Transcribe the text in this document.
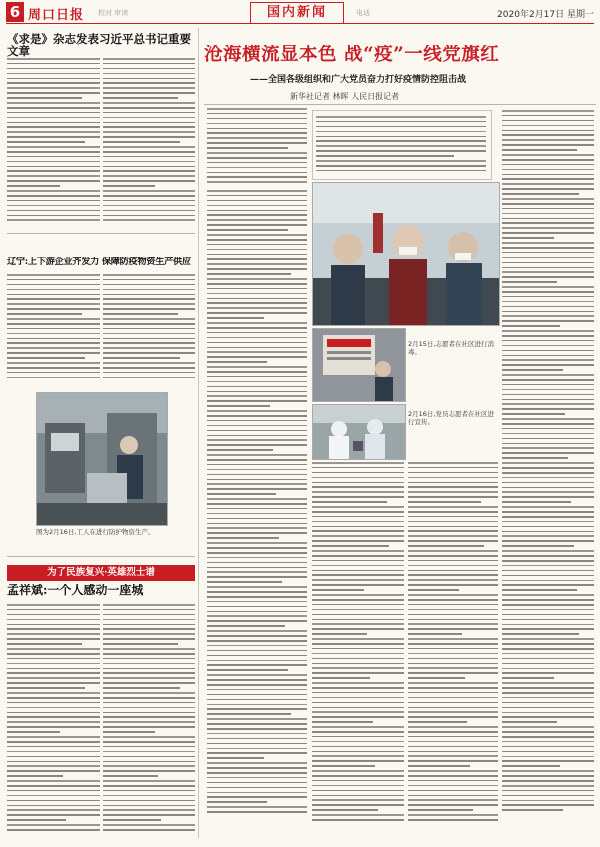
6 周口日报 校对 审读	国内新闻	电话	2020年2月17日 星期一
《求是》杂志发表习近平总书记重要文章
辽宁:上下游企业齐发力 保障防疫物资生产供应
图为2月16日,工人在进行防护物资生产。
为了民族复兴·英雄烈士谱
孟祥斌:一个人感动一座城
沧海横流显本色 战“疫”一线党旗红
——全国各级组织和广大党员奋力打好疫情防控阻击战
新华社记者 林晖 人民日报记者
2月15日,志愿者在社区进行消毒。
2月16日,党员志愿者在社区进行宣传。
